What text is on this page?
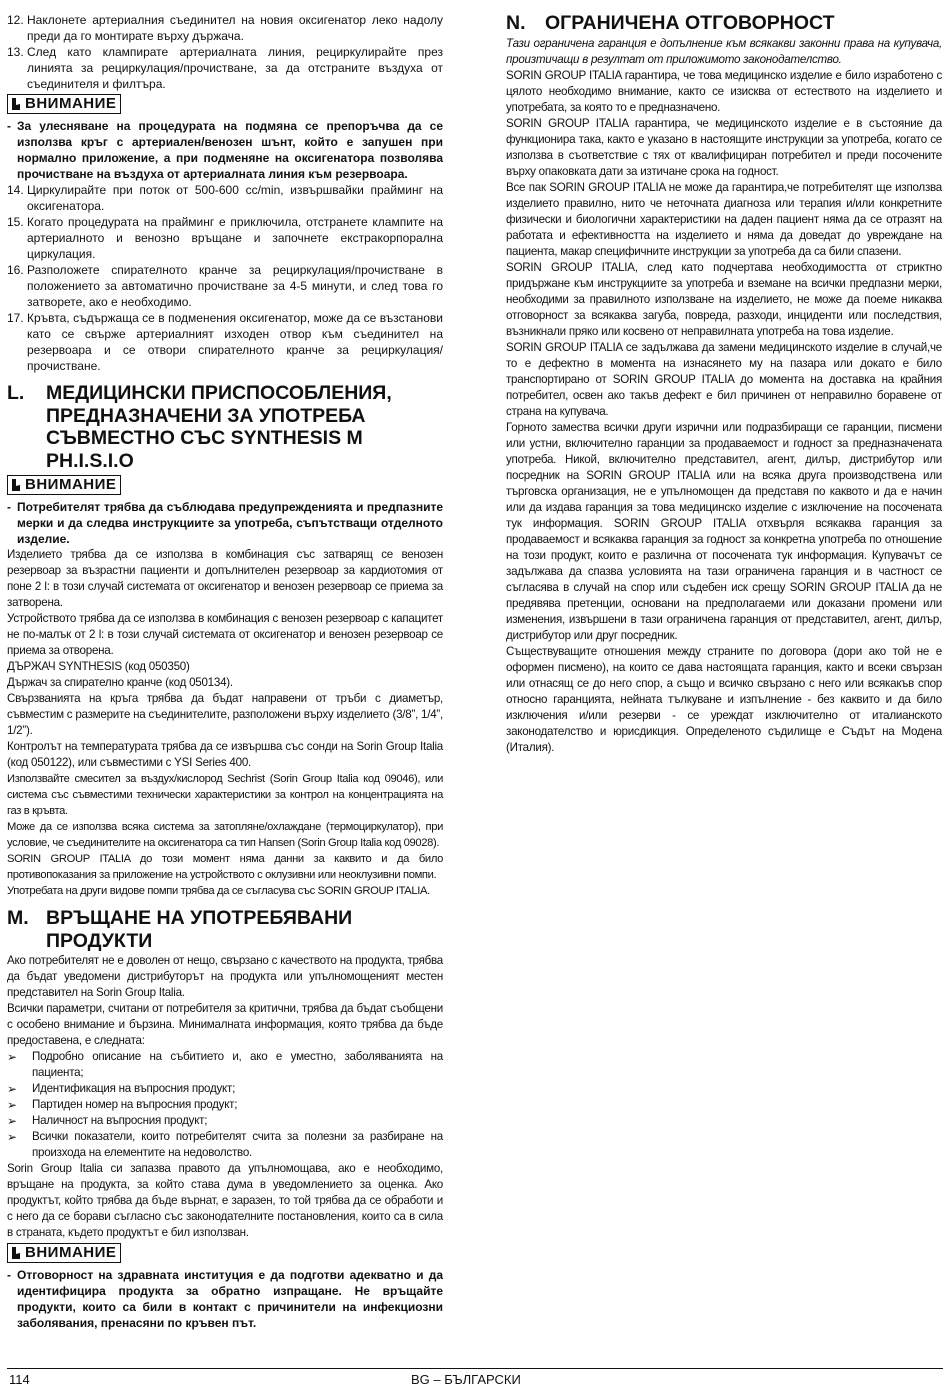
12. Наклонете артериалния съединител на новия оксигенатор леко надолу преди да го монтирате върху държача.
13. След като клампирате артериалната линия, рециркулирайте през линията за рециркулация/прочистване, за да отстраните въздуха от съединителя и филтъра.
ВНИМАНИЕ
- За улесняване на процедурата на подмяна се препоръчва да се използва кръг с артериален/венозен шънт, който е запушен при нормално приложение, а при подменяне на оксигенатора позволява прочистване на въздуха от артериалната линия към резервоара.
14. Циркулирайте при поток от 500-600 cc/min, извършвайки прайминг на оксигенатора.
15. Когато процедурата на прайминг е приключила, отстранете клампите на артериалното и венозно връщане и започнете екстракорпорална циркулация.
16. Разположете спирателното кранче за рециркулация/прочистване в положението за автоматично прочистване за 4-5 минути, и след това го затворете, ако е необходимо.
17. Кръвта, съдържаща се в подменения оксигенатор, може да се възстанови като се свърже артериалният изходен отвор към съединител на резервоара и се отвори спирателното кранче за рециркулация/прочистване.
L. МЕДИЦИНСКИ ПРИСПОСОБЛЕНИЯ, ПРЕДНАЗНАЧЕНИ ЗА УПОТРЕБА СЪВМЕСТНО СЪС SYNTHESIS M PH.I.S.I.O
ВНИМАНИЕ
- Потребителят трябва да съблюдава предупрежденията и предпазните мерки и да следва инструкциите за употреба, съпътстващи отделното изделие.

Изделието трябва да се използва в комбинация със затварящ се венозен резервоар за възрастни пациенти и допълнителен резервоар за кардиотомия от поне 2 l: в този случай системата от оксигенатор и венозен резервоар се приема за затворена.

Устройството трябва да се използва в комбинация с венозен резервоар с капацитет не по-малък от 2 l: в този случай системата от оксигенатор и венозен резервоар се приема за отворена.

ДЪРЖАЧ SYNTHESIS (код 050350)

Държач за спирателно кранче (код 050134).

Свързванията на кръга трябва да бъдат направени от тръби с диаметър, съвместим с размерите на съединителите, разположени върху изделието (3/8”, 1/4”, 1/2”).

Контролът на температурата трябва да се извършва със сонди на Sorin Group Italia (код 050122), или съвместими с YSI Series 400.

Използвайте смесител за въздух/кислород Sechrist (Sorin Group Italia код 09046), или система със съвместими технически характеристики за контрол на концентрацията на газ в кръвта.

Може да се използва всяка система за затопляне/охлаждане (термоциркулатор), при условие, че съединителите на оксигенатора са тип Hansen (Sorin Group Italia код 09028).

SORIN GROUP ITALIA до този момент няма данни за каквито и да било противопоказания за приложение на устройството с оклузивни или неоклузивни помпи.

Употребата на други видове помпи трябва да се съгласува със SORIN GROUP ITALIA.

M. ВРЪЩАНЕ НА УПОТРЕБЯВАНИ ПРОДУКТИ

Ако потребителят не е доволен от нещо, свързано с качеството на продукта, трябва да бъдат уведомени дистрибуторът на продукта или упълномощеният местен представител на Sorin Group Italia.

Всички параметри, считани от потребителя за критични, трябва да бъдат съобщени с особено внимание и бързина. Минималната информация, която трябва да бъде предоставена, е следната:

➢ Подробно описание на събитието и, ако е уместно, заболяванията на пациента;
➢ Идентификация на въпросния продукт;
➢ Партиден номер на въпросния продукт;
➢ Наличност на въпросния продукт;
➢ Всички показатели, които потребителят счита за полезни за разбиране на произхода на елементите на недоволство.

Sorin Group Italia си запазва правото да упълномощава, ако е необходимо, връщане на продукта, за който става дума в уведомлението за оценка. Ако продуктът, който трябва да бъде върнат, е заразен, то той трябва да се обработи и с него да се борави съгласно със законодателните постановления, които са в сила в страната, където продуктът е бил използван.

ВНИМАНИЕ
- Отговорност на здравната институция е да подготви адекватно и да идентифицира продукта за обратно изпращане. Не връщайте продукти, които са били в контакт с причинители на инфекциозни заболявания, пренасяни по кръвен път.
N. ОГРАНИЧЕНА ОТГОВОРНОСТ

Тази ограничена гаранция е допълнение към всякакви законни права на купувача, произтичащи в резултат от приложимото законодателство.

SORIN GROUP ITALIA гарантира, че това медицинско изделие е било изработено с цялото необходимо внимание, както се изисква от естеството на изделието и употребата, за която то е предназначено.

SORIN GROUP ITALIA гарантира, че медицинското изделие е в състояние да функционира така, както е указано в настоящите инструкции за употреба, когато се използва в съответствие с тях от квалифициран потребител и преди посочените върху опаковката дати за изтичане срока на годност.

Все пак SORIN GROUP ITALIA не може да гарантира,че потребителят ще използва изделието правилно, нито че неточната диагноза или терапия и/или конкретните физически и биологични характеристики на даден пациент няма да се отразят на работата и ефективността на изделието и няма да доведат до увреждане на пациента, макар специфичните инструкции за употреба да са били спазени.

SORIN GROUP ITALIA, след като подчертава необходимостта от стриктно придържане към инструкциите за употреба и вземане на всички предпазни мерки, необходими за правилното използване на изделието, не може да поеме никаква отговорност за всякаква загуба, повреда, разходи, инциденти или последствия, възникнали пряко или косвено от неправилната употреба на това изделие.

SORIN GROUP ITALIA се задължава да замени медицинското изделие в случай,че то е дефектно в момента на изнасянето му на пазара или докато е било транспортирано от SORIN GROUP ITALIA до момента на доставка на крайния потребител, освен ако такъв дефект е бил причинен от неправилно боравене от страна на купувача.

Горното замества всички други изрични или подразбиращи се гаранции, писмени или устни, включително гаранции за продаваемост и годност за предназначената употреба. Никой, включително представител, агент, дилър, дистрибутор или посредник на SORIN GROUP ITALIA или на всяка друга производствена или търговска организация, не е упълномощен да представя по каквото и да е начин или да издава гаранция за това медицинско изделие с изключение на посочената тук информация. SORIN GROUP ITALIA отхвърля всякаква гаранция за продаваемост и всякаква гаранция за годност за конкретна употреба по отношение на този продукт, които е различна от посочената тук информация. Купувачът се задължава да спазва условията на тази ограничена гаранция и в частност се съгласява в случай на спор или съдебен иск срещу SORIN GROUP ITALIA да не предявява претенции, основани на предполагаеми или доказани промени или изменения, извършени в тази ограничена гаранция от представител, агент, дилър, дистрибутор или друг посредник.

Съществуващите отношения между страните по договора (дори ако той не е оформен писмено), на които се дава настоящата гаранция, както и всеки свързан или отнасящ се до него спор, а също и всичко свързано с него или всякакъв спор относно гаранцията, нейната тълкуване и изпълнение - без каквито и да било изключения и/или резерви - се уреждат изключително от италианското законодателство и юрисдикция. Определеното съдилище е Съдът на Модена (Италия).

114	BG – БЪЛГАРСКИ
